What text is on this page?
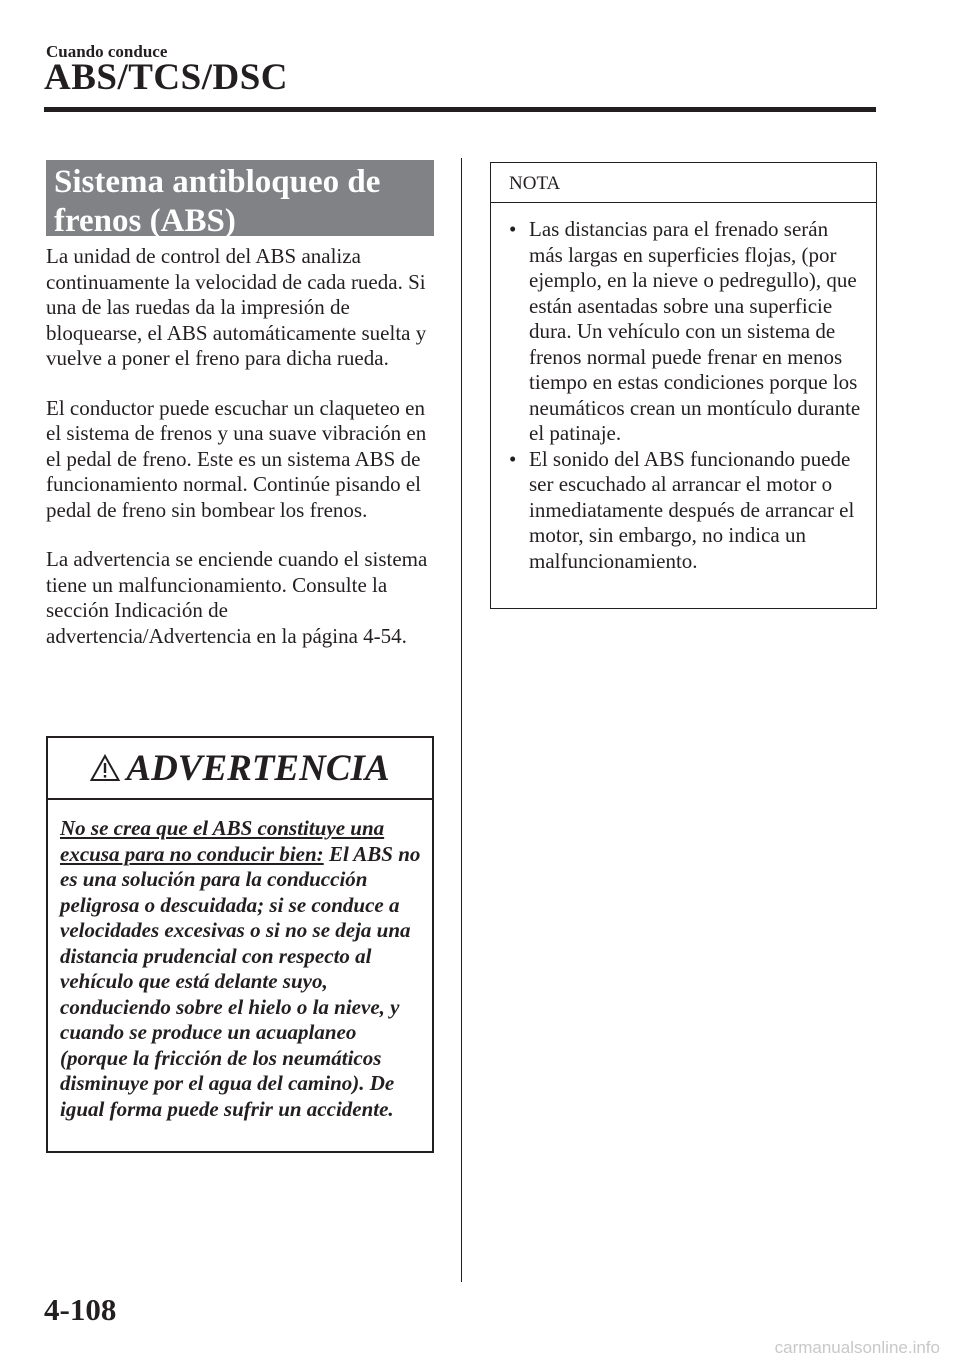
Cuando conduce
ABS/TCS/DSC
Sistema antibloqueo de frenos (ABS)

La unidad de control del ABS analiza continuamente la velocidad de cada rueda. Si una de las ruedas da la impresión de bloquearse, el ABS automáticamente suelta y vuelve a poner el freno para dicha rueda.

El conductor puede escuchar un claqueteo en el sistema de frenos y una suave vibración en el pedal de freno. Este es un sistema ABS de funcionamiento normal. Continúe pisando el pedal de freno sin bombear los frenos.

La advertencia se enciende cuando el sistema tiene un malfuncionamiento. Consulte la sección Indicación de advertencia/Advertencia en la página 4-54.

ADVERTENCIA
No se crea que el ABS constituye una excusa para no conducir bien: El ABS no es una solución para la conducción peligrosa o descuidada; si se conduce a velocidades excesivas o si no se deja una distancia prudencial con respecto al vehículo que está delante suyo, conduciendo sobre el hielo o la nieve, y cuando se produce un acuaplaneo (porque la fricción de los neumáticos disminuye por el agua del camino). De igual forma puede sufrir un accidente.
NOTA
• Las distancias para el frenado serán más largas en superficies flojas, (por ejemplo, en la nieve o pedregullo), que están asentadas sobre una superficie dura. Un vehículo con un sistema de frenos normal puede frenar en menos tiempo en estas condiciones porque los neumáticos crean un montículo durante el patinaje.
• El sonido del ABS funcionando puede ser escuchado al arrancar el motor o inmediatamente después de arrancar el motor, sin embargo, no indica un malfuncionamiento.
4-108
carmanualsonline.info
